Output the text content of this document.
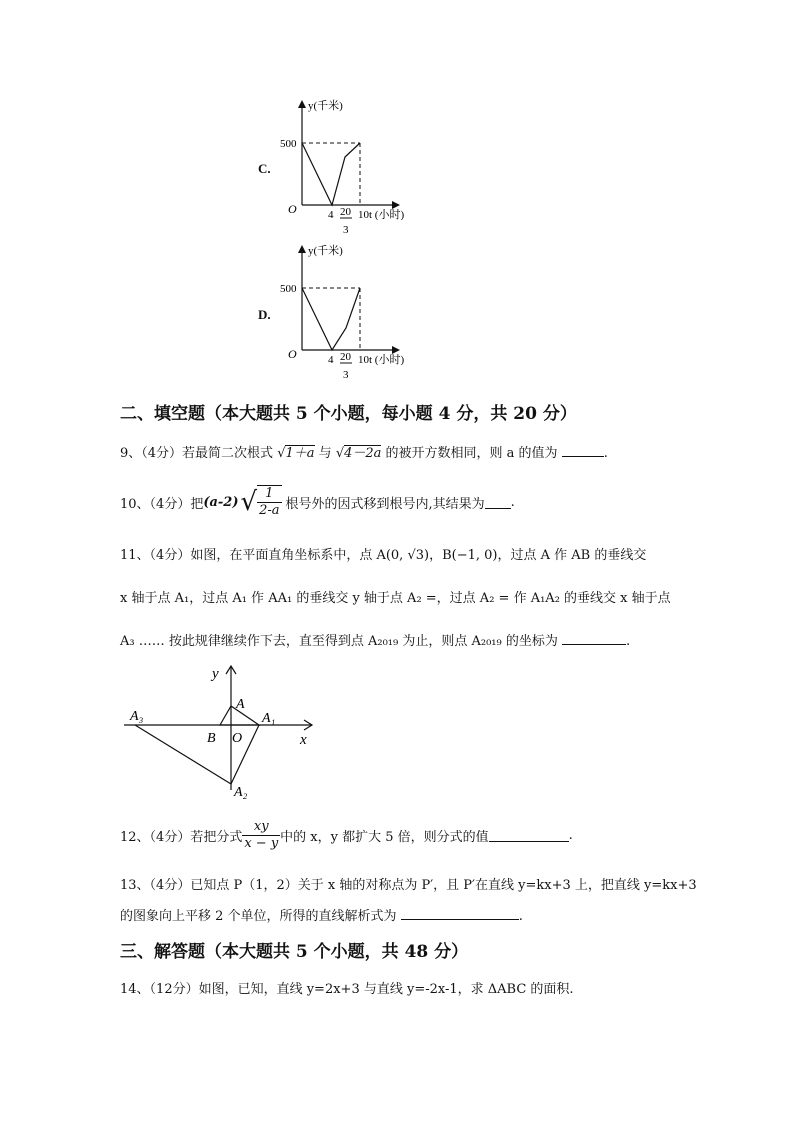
C.
y(千米)
500
O	4 20
3
10 t (小时)
D.
y(千米)
500
O	4 20
3
10 t (小时)
二、填空题（本大题共 5 个小题，每小题 4 分，共 20 分）
9、（4分）若最简二次根式 √1＋a 与 √4－2a 的被开方数相同，则 a 的值为	.
10、（4分）把 (a-2) √ $\frac{1}{2-a}$ 根号外的因式移到根号内,其结果为 .
11、（4分）如图，在平面直角坐标系中，点 A(0, √3)，B(−1, 0)，过点 A 作 AB 的垂线交
x 轴于点 A₁，过点 A₁ 作 AA₁ 的垂线交 y 轴于点 A₂ =，过点 A₂ = 作 A₁A₂ 的垂线交 x 轴于点
A₃ …… 按此规律继续作下去，直至得到点 A₂₀₁₉ 为止，则点 A₂₀₁₉ 的坐标为	.
y
x
A
A₁
A₂
A₃
B O
12、（4分）若把分式 $\frac{xy}{x - y}$ 中的 x，y 都扩大 5 倍，则分式的值	.
13、（4分）已知点 P（1，2）关于 x 轴的对称点为 P′，且 P′在直线 y=kx+3 上，把直线 y=kx+3
的图象向上平移 2 个单位，所得的直线解析式为	.
三、解答题（本大题共 5 个小题，共 48 分）
14、（12分）如图，已知，直线 y=2x+3 与直线 y=-2x-1，求 ΔABC 的面积.
